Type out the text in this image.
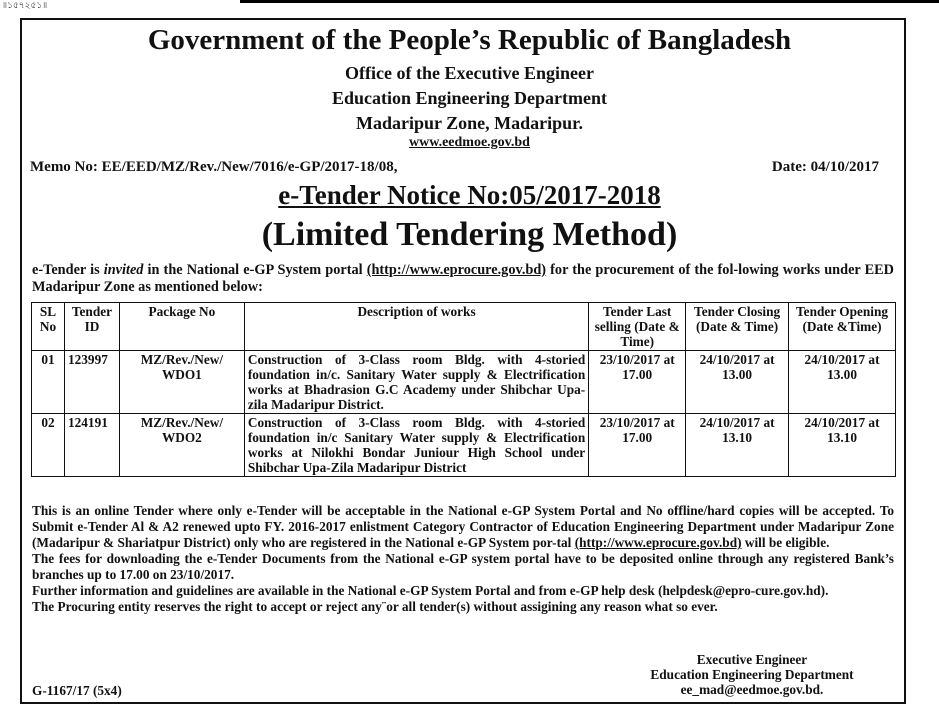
॥১৫৭২৫১॥
Government of the People’s Republic of Bangladesh
Office of the Executive Engineer
Education Engineering Department
Madaripur Zone, Madaripur.
www.eedmoe.gov.bd
Memo No: EE/EED/MZ/Rev./New/7016/e-GP/2017-18/08,	Date: 04/10/2017
e-Tender Notice No:05/2017-2018
(Limited Tendering Method)
e-Tender is invited in the National e-GP System portal (http://www.eprocure.gov.bd) for the procurement of the fol-lowing works under EED Madaripur Zone as mentioned below:
SL No	Tender ID	Package No	Description of works	Tender Last selling (Date & Time)	Tender Closing (Date & Time)	Tender Opening (Date &Time)
01	123997	MZ/Rev./New/ WDO1	Construction of 3-Class room Bldg. with 4-storied foundation in/c. Sanitary Water supply & Electrification works at Bhadrasion G.C Academy under Shibchar Upa-zila Madaripur District.	23/10/2017 at 17.00	24/10/2017 at 13.00	24/10/2017 at 13.00
02	124191	MZ/Rev./New/ WDO2	Construction of 3-Class room Bldg. with 4-storied foundation in/c Sanitary Water supply & Electrification works at Nilokhi Bondar Juniour High School under Shibchar Upa-Zila Madaripur District	23/10/2017 at 17.00	24/10/2017 at 13.10	24/10/2017 at 13.10

This is an online Tender where only e-Tender will be acceptable in the National e-GP System Portal and No offline/hard copies will be accepted. To Submit e-Tender Al & A2 renewed upto FY. 2016-2017 enlistment Category Contractor of Education Engineering Department under Madaripur Zone (Madaripur & Shariatpur District) only who are registered in the National e-GP System por-tal (http://www.eprocure.gov.bd) will be eligible.

The fees for downloading the e-Tender Documents from the National e-GP system portal have to be deposited online through any registered Bank’s branches up to 17.00 on 23/10/2017.

Further information and guidelines are available in the National e-GP System Portal and from e-GP help desk (helpdesk@epro-cure.gov.hd).

The Procuring entity reserves the right to accept or reject any¨or all tender(s) without assigining any reason what so ever.

Executive Engineer
Education Engineering Department
ee_mad@eedmoe.gov.bd.
G-1167/17 (5x4)
